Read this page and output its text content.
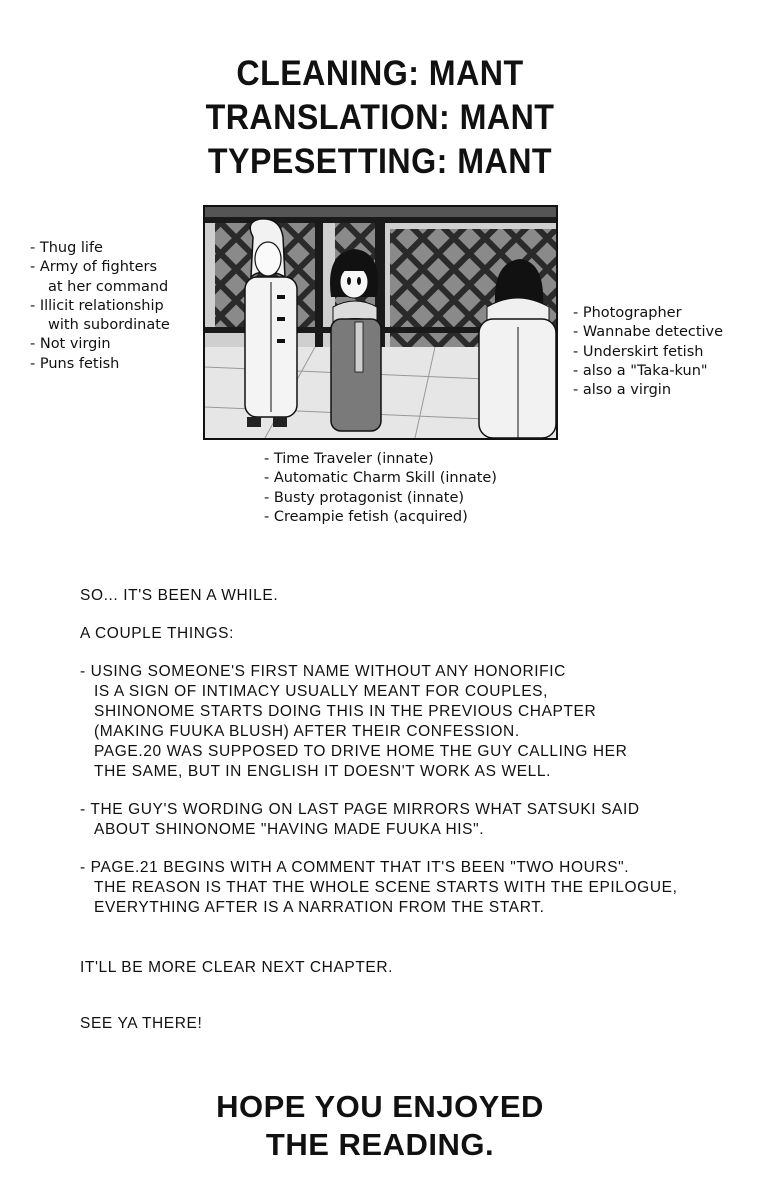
CLEANING: MANT
TRANSLATION: MANT
TYPESETTING: MANT
- Thug life
- Army of fighters
at her command
- Illicit relationship
with subordinate
- Not virgin
- Puns fetish
- Photographer
- Wannabe detective
- Underskirt fetish
- also a "Taka-kun"
- also a virgin
- Time Traveler (innate)
- Automatic Charm Skill (innate)
- Busty protagonist (innate)
- Creampie fetish (acquired)
SO... IT'S BEEN A WHILE.
A COUPLE THINGS:
- USING SOMEONE'S FIRST NAME WITHOUT ANY HONORIFIC
IS A SIGN OF INTIMACY USUALLY MEANT FOR COUPLES,
SHINONOME STARTS DOING THIS IN THE PREVIOUS CHAPTER
(MAKING FUUKA BLUSH) AFTER THEIR CONFESSION.
PAGE.20 WAS SUPPOSED TO DRIVE HOME THE GUY CALLING HER
THE SAME, BUT IN ENGLISH IT DOESN'T WORK AS WELL.
- THE GUY'S WORDING ON LAST PAGE MIRRORS WHAT SATSUKI SAID
ABOUT SHINONOME "HAVING MADE FUUKA HIS".
- PAGE.21 BEGINS WITH A COMMENT THAT IT'S BEEN "TWO HOURS".
THE REASON IS THAT THE WHOLE SCENE STARTS WITH THE EPILOGUE,
EVERYTHING AFTER IS A NARRATION FROM THE START.
IT'LL BE MORE CLEAR NEXT CHAPTER.
SEE YA THERE!
HOPE YOU ENJOYED
THE READING.
